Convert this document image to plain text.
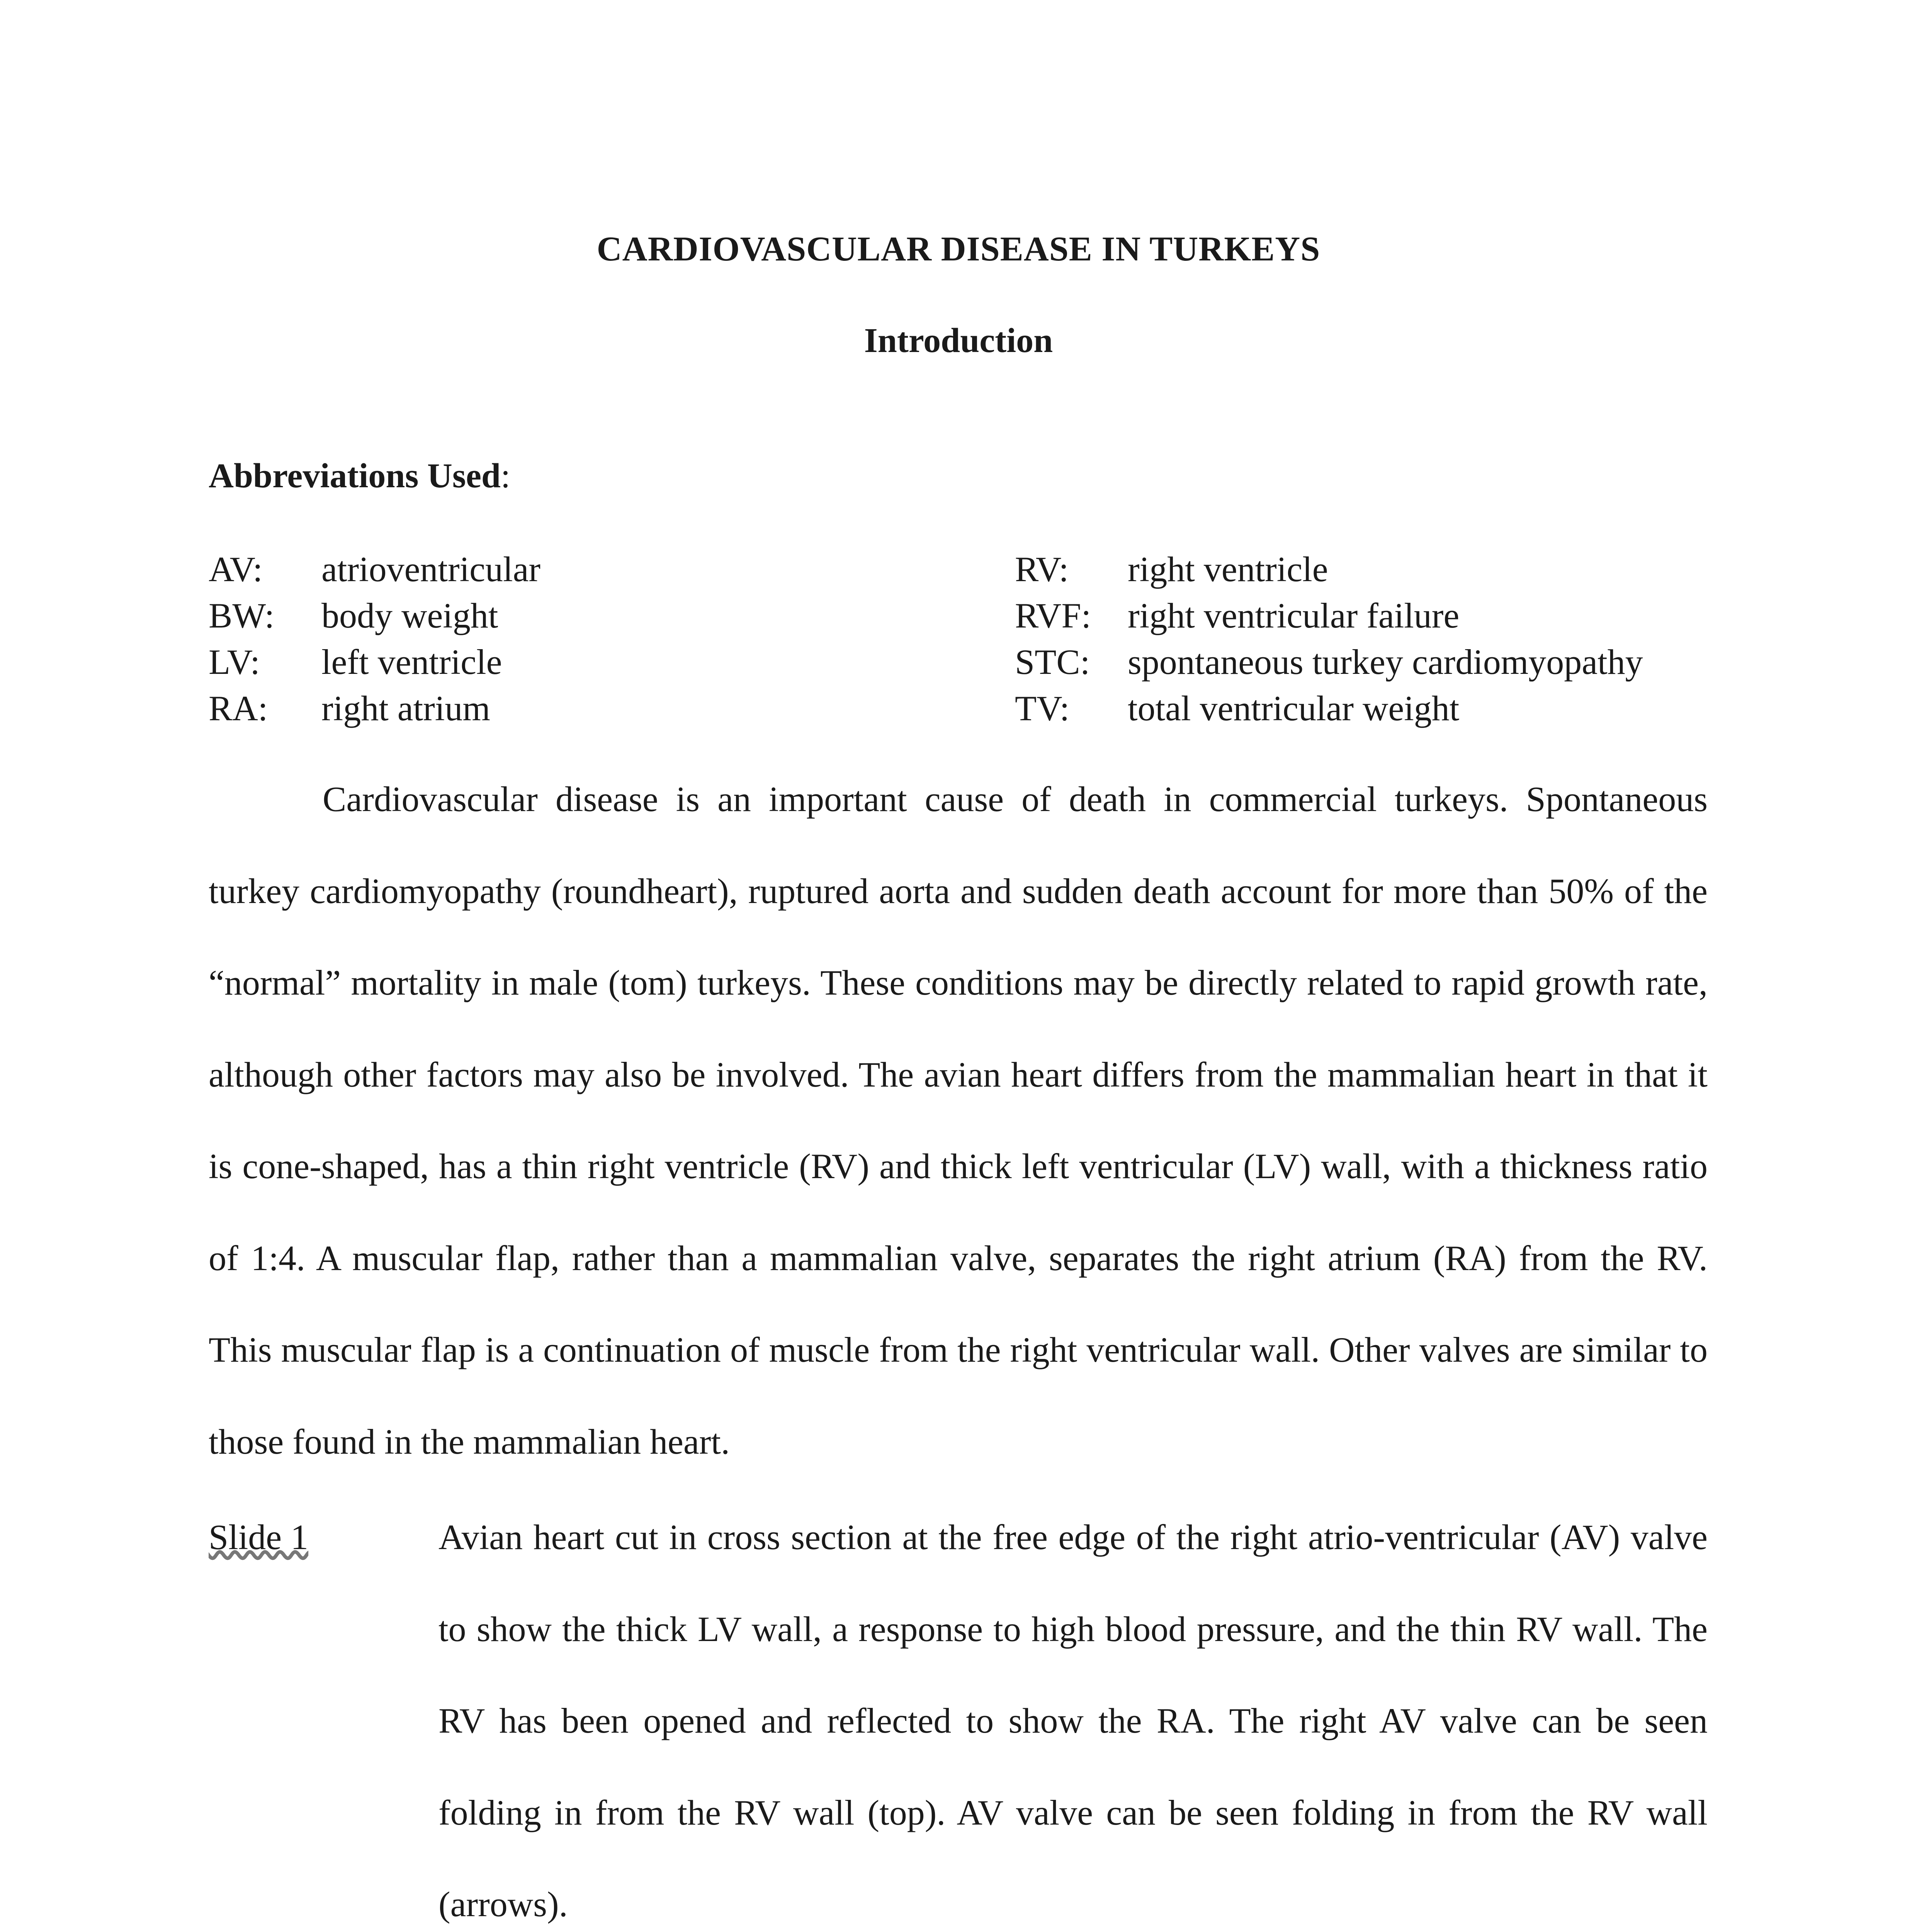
CARDIOVASCULAR DISEASE IN TURKEYS
Introduction
Abbreviations Used:
AV: atrioventricular
BW: body weight
LV: left ventricle
RA: right atrium
RV: right ventricle
RVF: right ventricular failure
STC: spontaneous turkey cardiomyopathy
TV: total ventricular weight

Cardiovascular disease is an important cause of death in commercial turkeys. Spontaneous turkey cardiomyopathy (roundheart), ruptured aorta and sudden death account for more than 50% of the “normal” mortality in male (tom) turkeys. These conditions may be directly related to rapid growth rate, although other factors may also be involved. The avian heart differs from the mammalian heart in that it is cone-shaped, has a thin right ventricle (RV) and thick left ventricular (LV) wall, with a thickness ratio of 1:4. A muscular flap, rather than a mammalian valve, separates the right atrium (RA) from the RV. This muscular flap is a continuation of muscle from the right ventricular wall. Other valves are similar to those found in the mammalian heart.

Slide 1	Avian heart cut in cross section at the free edge of the right atrio-ventricular (AV) valve to show the thick LV wall, a response to high blood pressure, and the thin RV wall. The RV has been opened and reflected to show the RA. The right AV valve can be seen folding in from the RV wall (top). AV valve can be seen folding in from the RV wall (arrows).
